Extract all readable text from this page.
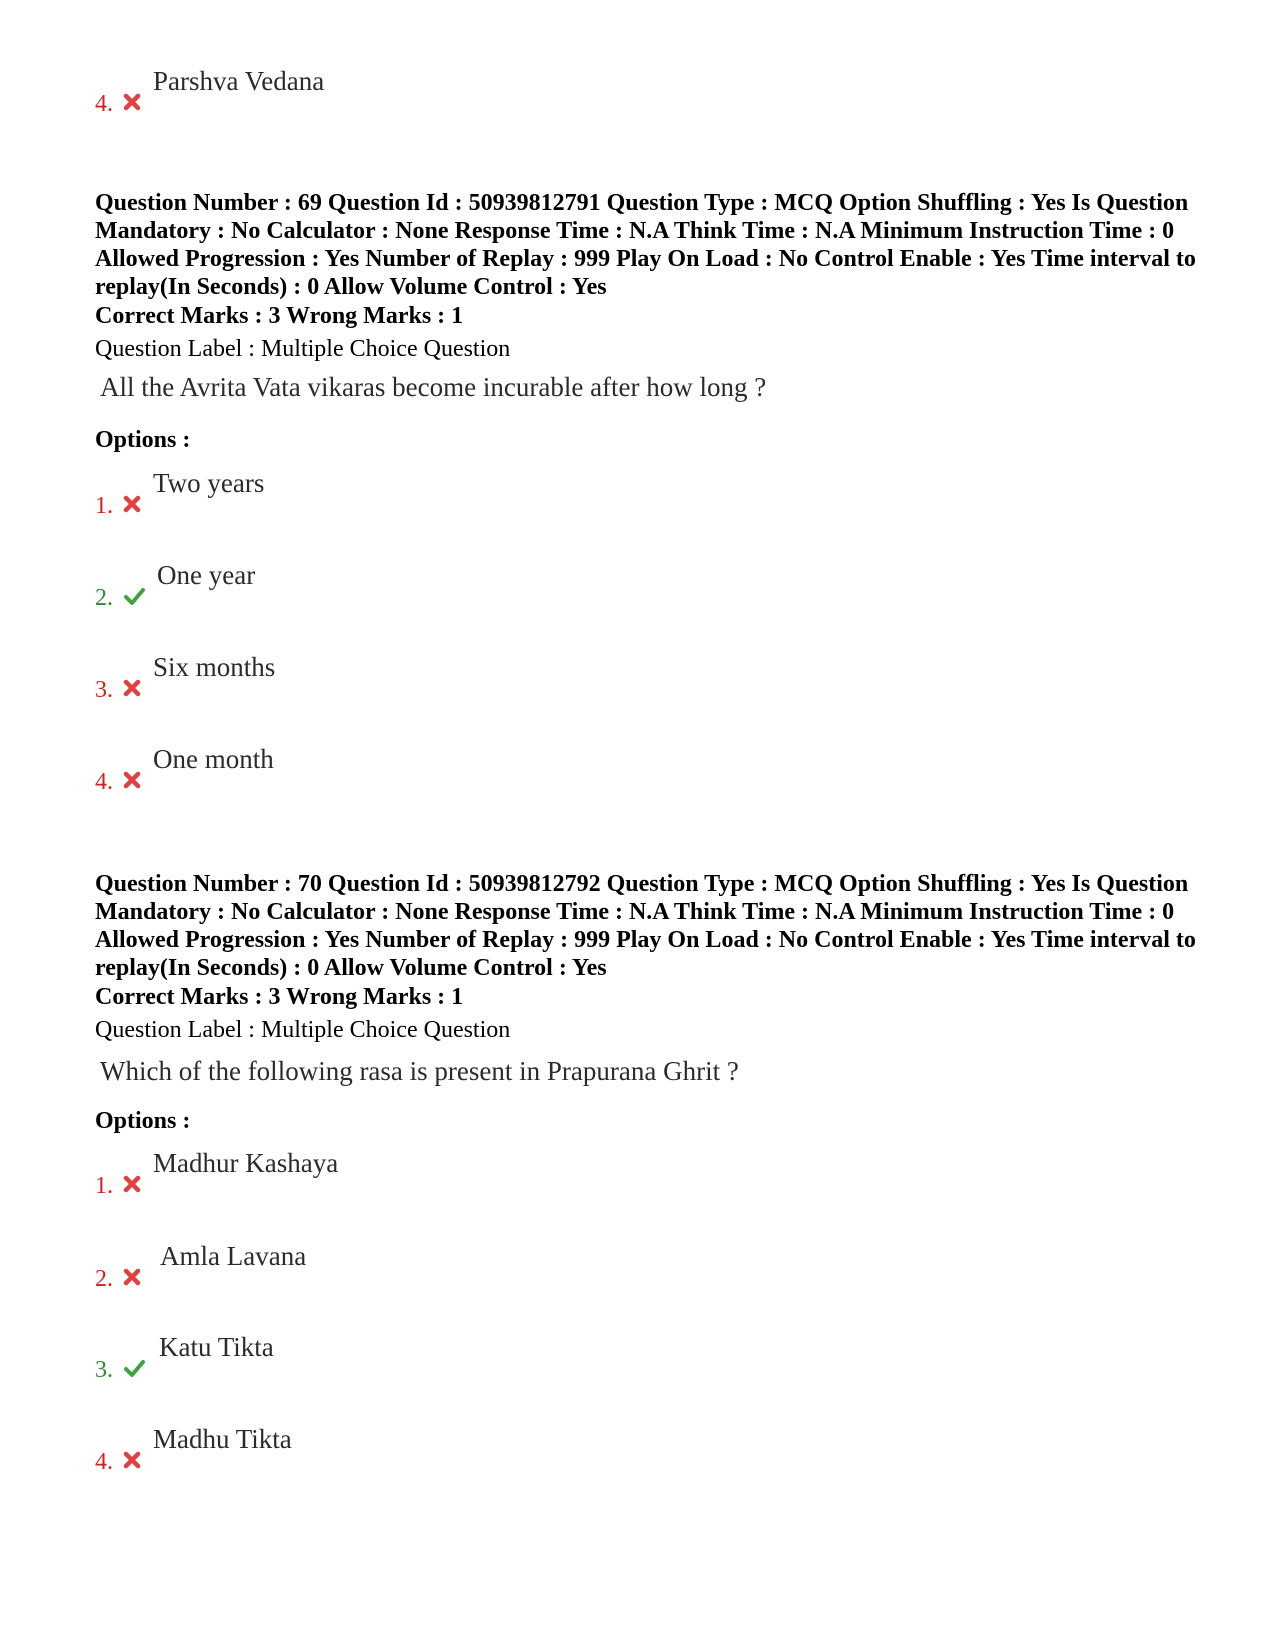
4.
Parshva Vedana
Question Number : 69 Question Id : 50939812791 Question Type : MCQ Option Shuffling : Yes Is Question Mandatory : No Calculator : None Response Time : N.A Think Time : N.A Minimum Instruction Time : 0 Allowed Progression : Yes Number of Replay : 999 Play On Load : No Control Enable : Yes Time interval to replay(In Seconds) : 0 Allow Volume Control : Yes
Correct Marks : 3 Wrong Marks : 1
Question Label : Multiple Choice Question
All the Avrita Vata vikaras become incurable after how long ?
Options :
1.
Two years
2.
One year
3.
Six months
4.
One month
Question Number : 70 Question Id : 50939812792 Question Type : MCQ Option Shuffling : Yes Is Question Mandatory : No Calculator : None Response Time : N.A Think Time : N.A Minimum Instruction Time : 0 Allowed Progression : Yes Number of Replay : 999 Play On Load : No Control Enable : Yes Time interval to replay(In Seconds) : 0 Allow Volume Control : Yes
Correct Marks : 3 Wrong Marks : 1
Question Label : Multiple Choice Question
Which of the following rasa is present in Prapurana Ghrit ?
Options :
1.
Madhur Kashaya
2.
Amla Lavana
3.
Katu Tikta
4.
Madhu Tikta
